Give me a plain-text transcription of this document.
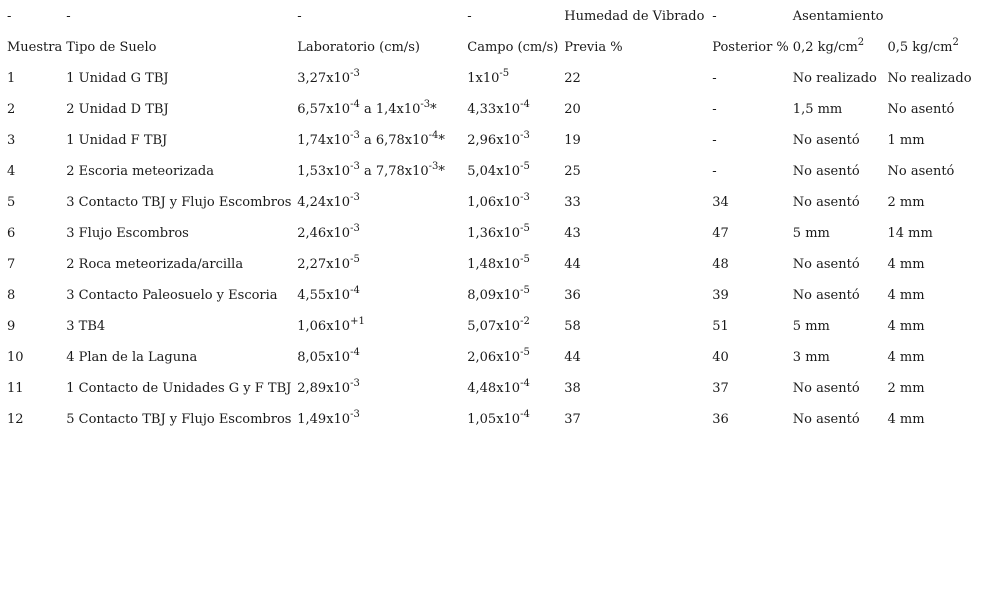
-	-	-	-	Humedad de Vibrado	-	Asentamiento	
Muestra	Tipo de Suelo	Laboratorio (cm/s)	Campo (cm/s)	Previa %	Posterior %	0,2 $kg/cm^2$	0,5 $kg/cm^2$
1	1 Unidad G TBJ	$3,27x10^{-3}$	$1x10^{-5}$	22	-	No realizado	No realizado
2	2 Unidad D TBJ	$6,57x10^{-4}$ a $1,4x10^{-3}*$	$4,33x10^{-4}$	20	-	1,5 mm	No asentó
3	1 Unidad F TBJ	$1,74x10^{-3}$ a $6,78x10^{-4}*$	$2,96x10^{-3}$	19	-	No asentó	1 mm
4	2 Escoria meteorizada	$1,53x10^{-3}$ a $7,78x10^{-3}*$	$5,04x10^{-5}$	25	-	No asentó	No asentó
5	3 Contacto TBJ y Flujo Escombros	$4,24x10^{-3}$	$1,06x10^{-3}$	33	34	No asentó	2 mm
6	3 Flujo Escombros	$2,46x10^{-3}$	$1,36x10^{-5}$	43	47	5 mm	14 mm
7	2 Roca meteorizada/arcilla	$2,27x10^{-5}$	$1,48x10^{-5}$	44	48	No asentó	4 mm
8	3 Contacto Paleosuelo y Escoria	$4,55x10^{-4}$	$8,09x10^{-5}$	36	39	No asentó	4 mm
9	3 TB4	$1,06x10^{+1}$	$5,07x10^{-2}$	58	51	5 mm	4 mm
10	4 Plan de la Laguna	$8,05x10^{-4}$	$2,06x10^{-5}$	44	40	3 mm	4 mm
11	1 Contacto de Unidades G y F TBJ	$2,89x10^{-3}$	$4,48x10^{-4}$	38	37	No asentó	2 mm
12	5 Contacto TBJ y Flujo Escombros	$1,49x10^{-3}$	$1,05x10^{-4}$	37	36	No asentó	4 mm
